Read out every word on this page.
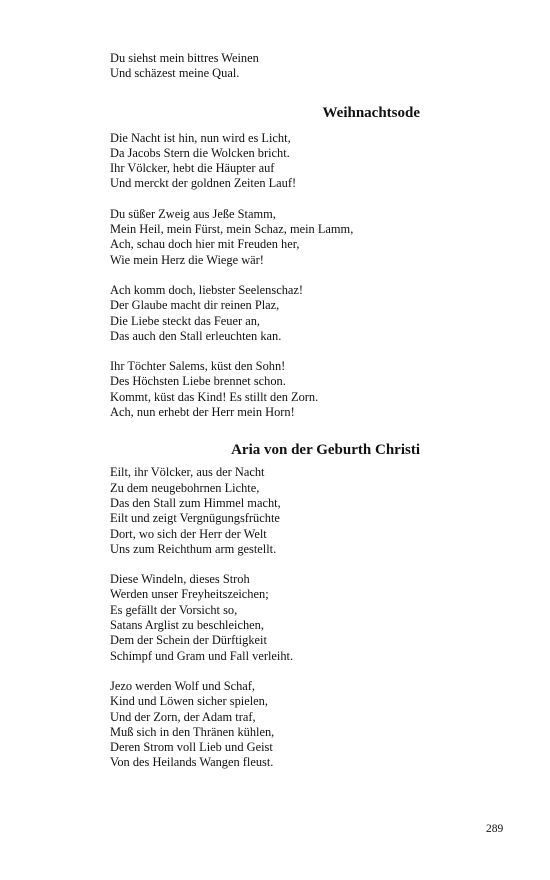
Du siehst mein bittres Weinen
Und schäzest meine Qual.
Weihnachtsode
Die Nacht ist hin, nun wird es Licht,
Da Jacobs Stern die Wolcken bricht.
Ihr Völcker, hebt die Häupter auf
Und merckt der goldnen Zeiten Lauf!
Du süßer Zweig aus Jeße Stamm,
Mein Heil, mein Fürst, mein Schaz, mein Lamm,
Ach, schau doch hier mit Freuden her,
Wie mein Herz die Wiege wär!
Ach komm doch, liebster Seelenschaz!
Der Glaube macht dir reinen Plaz,
Die Liebe steckt das Feuer an,
Das auch den Stall erleuchten kan.
Ihr Töchter Salems, küst den Sohn!
Des Höchsten Liebe brennet schon.
Kommt, küst das Kind! Es stillt den Zorn.
Ach, nun erhebt der Herr mein Horn!
Aria von der Geburth Christi
Eilt, ihr Völcker, aus der Nacht
Zu dem neugebohrnen Lichte,
Das den Stall zum Himmel macht,
Eilt und zeigt Vergnügungsfrüchte
Dort, wo sich der Herr der Welt
Uns zum Reichthum arm gestellt.
Diese Windeln, dieses Stroh
Werden unser Freyheitszeichen;
Es gefällt der Vorsicht so,
Satans Arglist zu beschleichen,
Dem der Schein der Dürftigkeit
Schimpf und Gram und Fall verleiht.
Jezo werden Wolf und Schaf,
Kind und Löwen sicher spielen,
Und der Zorn, der Adam traf,
Muß sich in den Thränen kühlen,
Deren Strom voll Lieb und Geist
Von des Heilands Wangen fleust.
289
